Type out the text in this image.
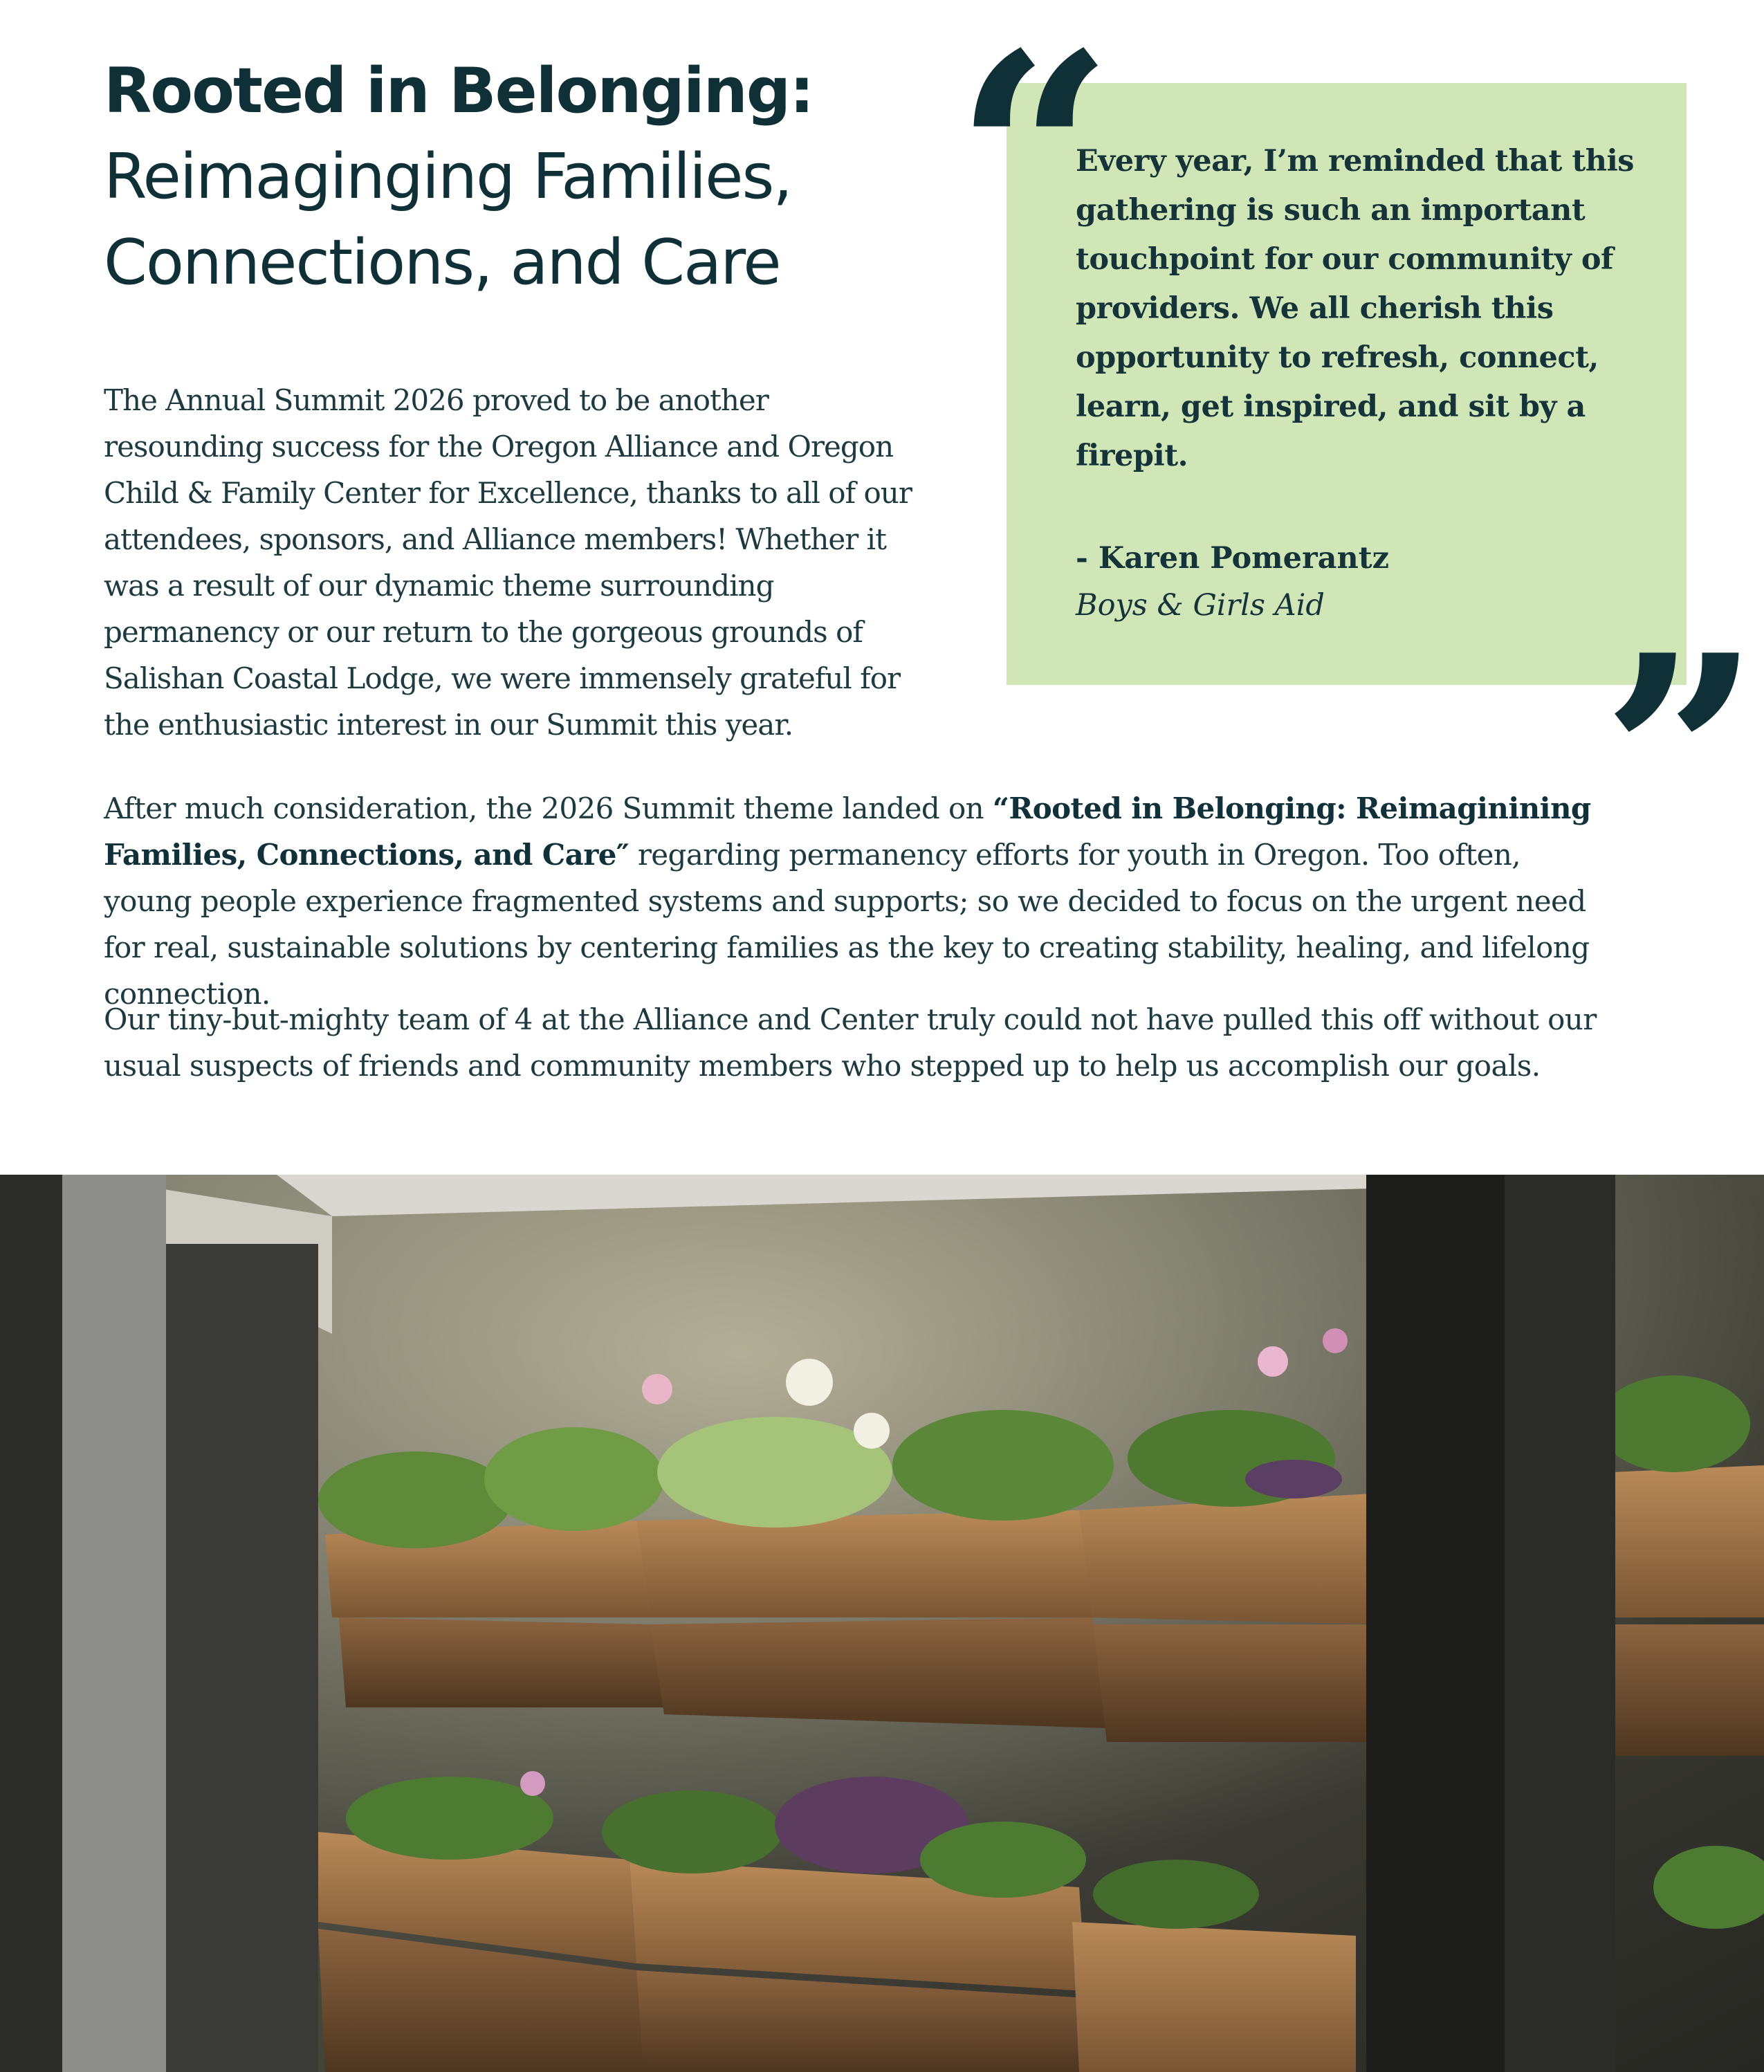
Rooted in Belonging:
Reimaginging Families, Connections, and Care

The Annual Summit 2026 proved to be another resounding success for the Oregon Alliance and Oregon Child & Family Center for Excellence, thanks to all of our attendees, sponsors, and Alliance members! Whether it was a result of our dynamic theme surrounding permanency or our return to the gorgeous grounds of Salishan Coastal Lodge, we were immensely grateful for the enthusiastic interest in our Summit this year.

“

Every year, I’m reminded that this gathering is such an important touchpoint for our community of providers. We all cherish this opportunity to refresh, connect, learn, get inspired, and sit by a firepit.

- Karen Pomerantz

Boys & Girls Aid ”

After much consideration, the 2026 Summit theme landed on “Rooted in Belonging: Reimaginining Families, Connections, and Care″ regarding permanency efforts for youth in Oregon. Too often, young people experience fragmented systems and supports; so we decided to focus on the urgent need for real, sustainable solutions by centering families as the key to creating stability, healing, and lifelong connection.

Our tiny-but-mighty team of 4 at the Alliance and Center truly could not have pulled this off without our usual suspects of friends and community members who stepped up to help us accomplish our goals.
